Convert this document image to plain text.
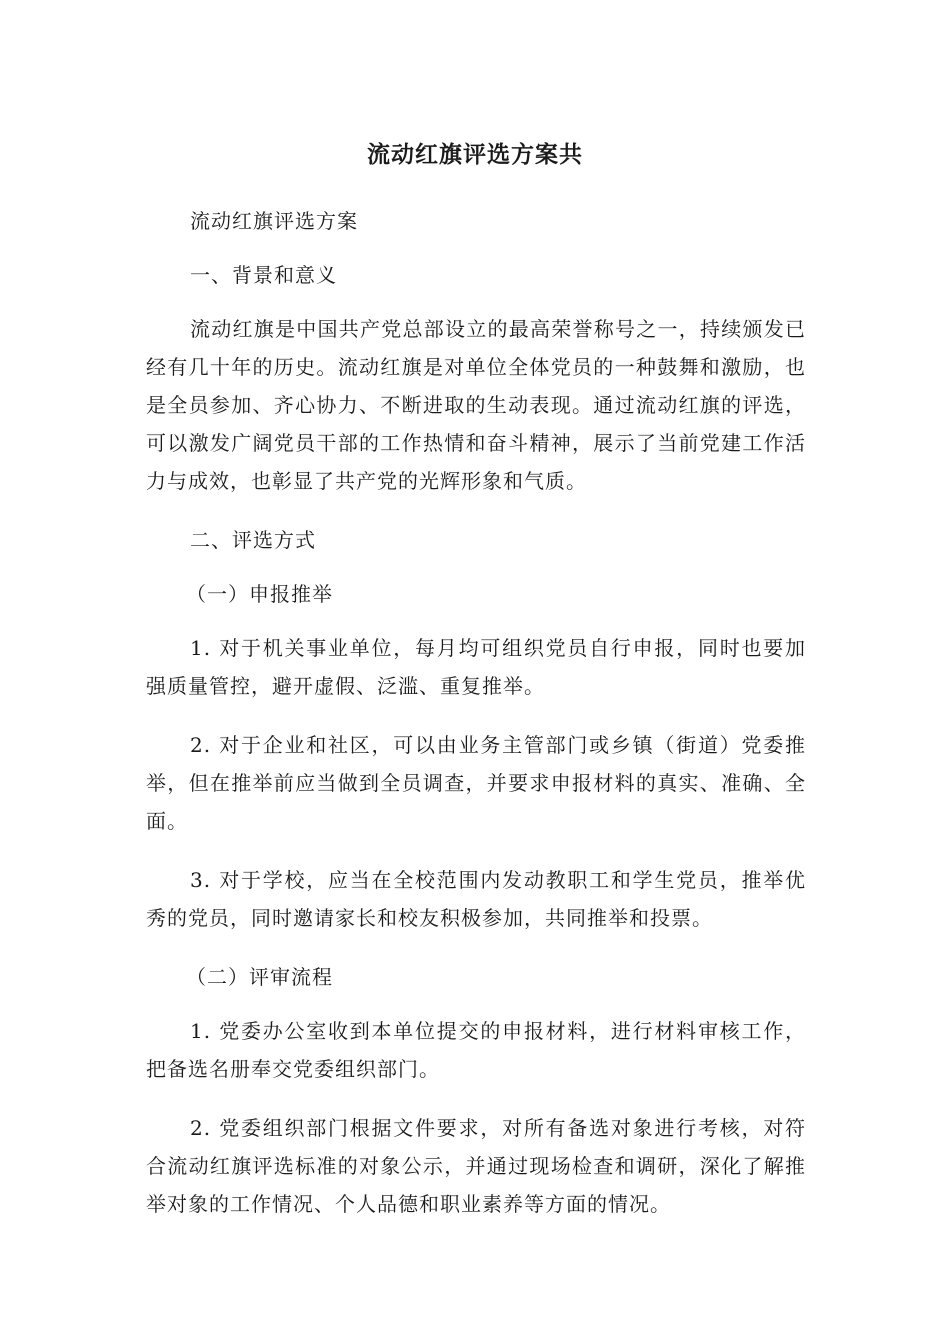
流动红旗评选方案共

流动红旗评选方案

一、背景和意义

流动红旗是中国共产党总部设立的最高荣誉称号之一，持续颁发已经有几十年的历史。流动红旗是对单位全体党员的一种鼓舞和激励，也是全员参加、齐心协力、不断进取的生动表现。通过流动红旗的评选，可以激发广阔党员干部的工作热情和奋斗精神，展示了当前党建工作活力与成效，也彰显了共产党的光辉形象和气质。

二、评选方式

（一）申报推举

1. 对于机关事业单位，每月均可组织党员自行申报，同时也要加强质量管控，避开虚假、泛滥、重复推举。

2. 对于企业和社区，可以由业务主管部门或乡镇（街道）党委推举，但在推举前应当做到全员调查，并要求申报材料的真实、准确、全面。

3. 对于学校，应当在全校范围内发动教职工和学生党员，推举优秀的党员，同时邀请家长和校友积极参加，共同推举和投票。

（二）评审流程

1. 党委办公室收到本单位提交的申报材料，进行材料审核工作，把备选名册奉交党委组织部门。

2. 党委组织部门根据文件要求，对所有备选对象进行考核，对符合流动红旗评选标准的对象公示，并通过现场检查和调研，深化了解推举对象的工作情况、个人品德和职业素养等方面的情况。
